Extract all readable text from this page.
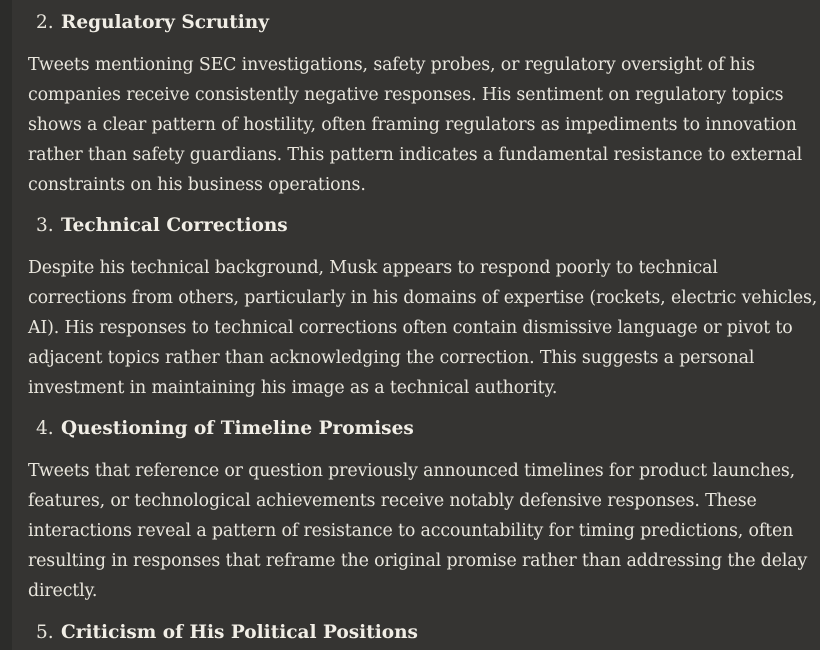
2. Regulatory Scrutiny
Tweets mentioning SEC investigations, safety probes, or regulatory oversight of his
companies receive consistently negative responses. His sentiment on regulatory topics
shows a clear pattern of hostility, often framing regulators as impediments to innovation
rather than safety guardians. This pattern indicates a fundamental resistance to external
constraints on his business operations.
3. Technical Corrections
Despite his technical background, Musk appears to respond poorly to technical
corrections from others, particularly in his domains of expertise (rockets, electric vehicles,
AI). His responses to technical corrections often contain dismissive language or pivot to
adjacent topics rather than acknowledging the correction. This suggests a personal
investment in maintaining his image as a technical authority.
4. Questioning of Timeline Promises
Tweets that reference or question previously announced timelines for product launches,
features, or technological achievements receive notably defensive responses. These
interactions reveal a pattern of resistance to accountability for timing predictions, often
resulting in responses that reframe the original promise rather than addressing the delay
directly.
5. Criticism of His Political Positions
